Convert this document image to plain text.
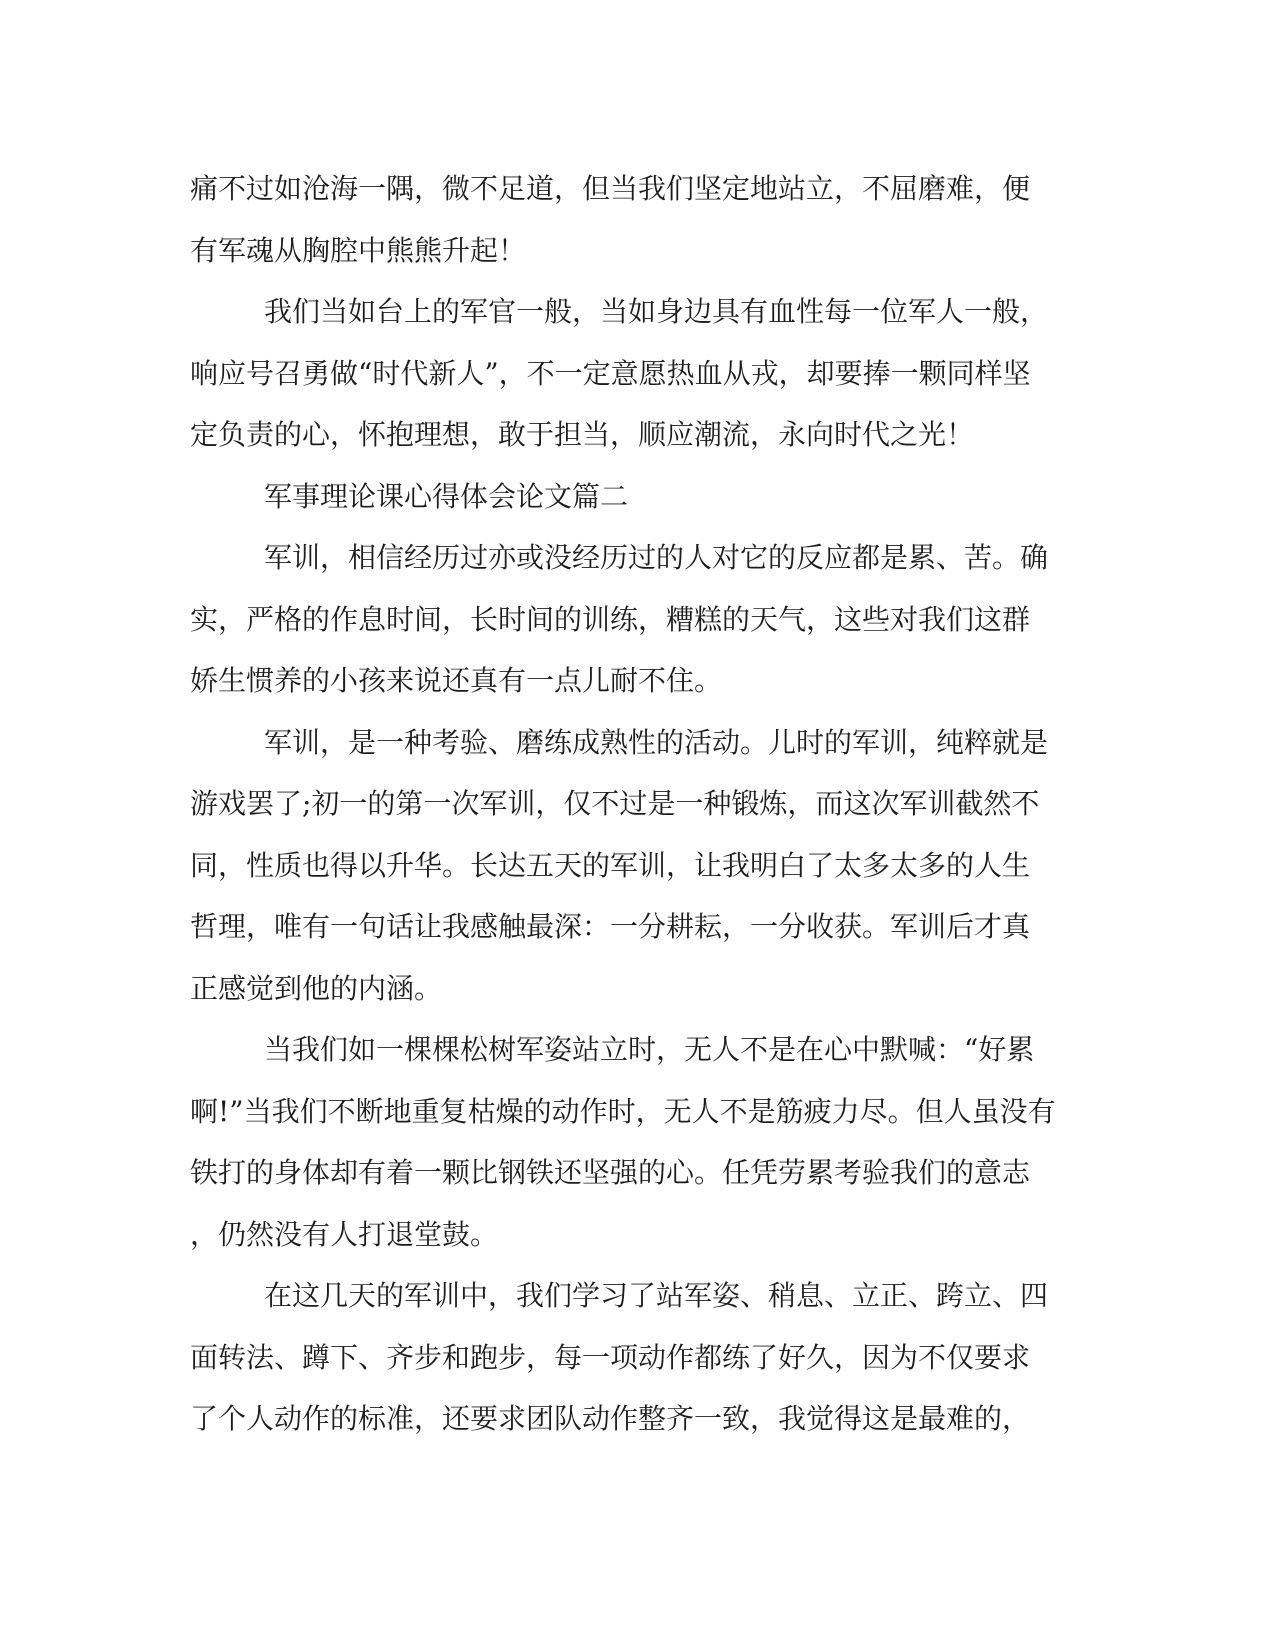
痛不过如沧海一隅，微不足道，但当我们坚定地站立，不屈磨难，便
有军魂从胸腔中熊熊升起！
我们当如台上的军官一般，当如身边具有血性每一位军人一般，
响应号召勇做“时代新人”，不一定意愿热血从戎，却要捧一颗同样坚
定负责的心，怀抱理想，敢于担当，顺应潮流，永向时代之光！
军事理论课心得体会论文篇二
军训，相信经历过亦或没经历过的人对它的反应都是累、苦。确
实，严格的作息时间，长时间的训练，糟糕的天气，这些对我们这群
娇生惯养的小孩来说还真有一点儿耐不住。
军训，是一种考验、磨练成熟性的活动。儿时的军训，纯粹就是
游戏罢了;初一的第一次军训，仅不过是一种锻炼，而这次军训截然不
同，性质也得以升华。长达五天的军训，让我明白了太多太多的人生
哲理，唯有一句话让我感触最深：一分耕耘，一分收获。军训后才真
正感觉到他的内涵。
当我们如一棵棵松树军姿站立时，无人不是在心中默喊：“好累
啊!”当我们不断地重复枯燥的动作时，无人不是筋疲力尽。但人虽没有
铁打的身体却有着一颗比钢铁还坚强的心。任凭劳累考验我们的意志
，仍然没有人打退堂鼓。
在这几天的军训中，我们学习了站军姿、稍息、立正、跨立、四
面转法、蹲下、齐步和跑步，每一项动作都练了好久，因为不仅要求
了个人动作的标准，还要求团队动作整齐一致，我觉得这是最难的，
